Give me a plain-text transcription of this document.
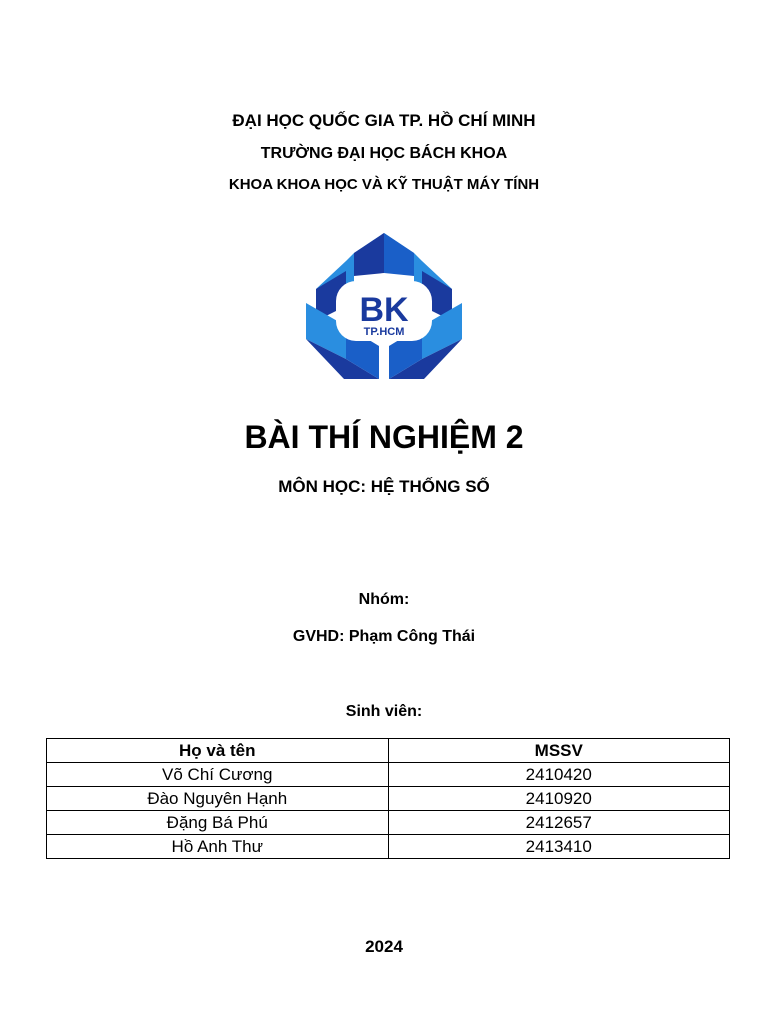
ĐẠI HỌC QUỐC GIA TP. HỒ CHÍ MINH
TRƯỜNG ĐẠI HỌC BÁCH KHOA
KHOA KHOA HỌC VÀ KỸ THUẬT MÁY TÍNH
BK
TP.HCM
BÀI THÍ NGHIỆM 2
MÔN HỌC: HỆ THỐNG SỐ
Nhóm:
GVHD: Phạm Công Thái
Sinh viên:
Họ và tên	MSSV
Võ Chí Cương	2410420
Đào Nguyên Hạnh	2410920
Đặng Bá Phú	2412657
Hồ Anh Thư	2413410
2024
